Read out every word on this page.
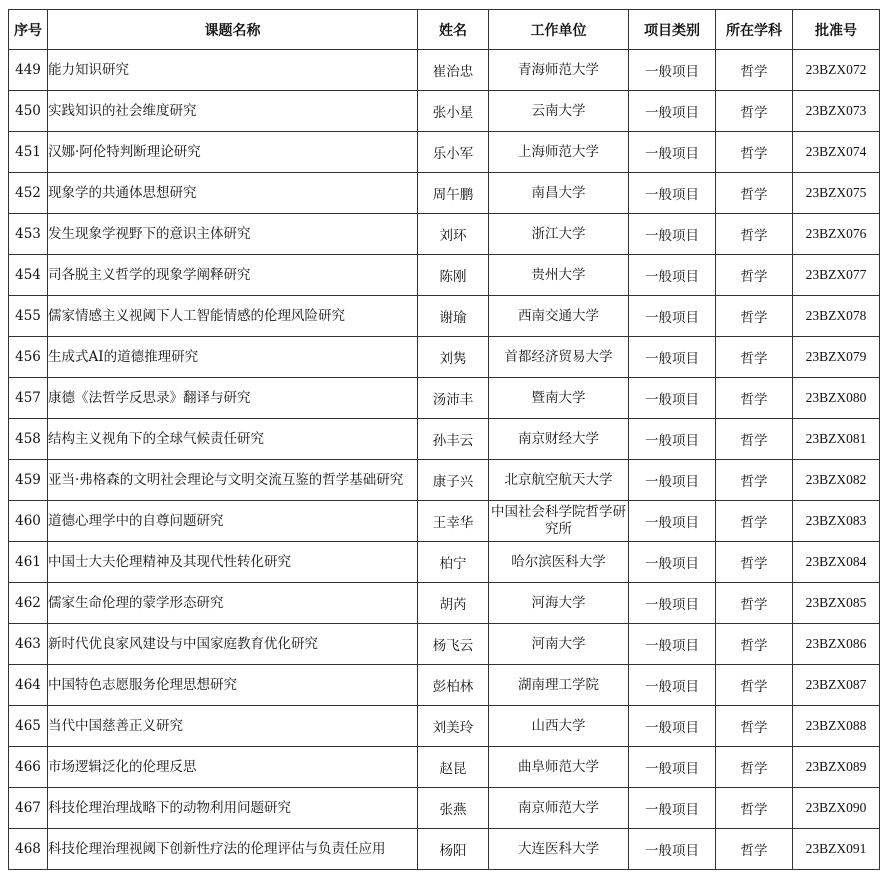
序号	课题名称	姓名	工作单位	项目类别	所在学科	批准号
449	能力知识研究	崔治忠	青海师范大学	一般项目	哲学	23BZX072
450	实践知识的社会维度研究	张小星	云南大学	一般项目	哲学	23BZX073
451	汉娜·阿伦特判断理论研究	乐小军	上海师范大学	一般项目	哲学	23BZX074
452	现象学的共通体思想研究	周午鹏	南昌大学	一般项目	哲学	23BZX075
453	发生现象学视野下的意识主体研究	刘环	浙江大学	一般项目	哲学	23BZX076
454	司各脱主义哲学的现象学阐释研究	陈刚	贵州大学	一般项目	哲学	23BZX077
455	儒家情感主义视阈下人工智能情感的伦理风险研究	谢瑜	西南交通大学	一般项目	哲学	23BZX078
456	生成式AI的道德推理研究	刘隽	首都经济贸易大学	一般项目	哲学	23BZX079
457	康德《法哲学反思录》翻译与研究	汤沛丰	暨南大学	一般项目	哲学	23BZX080
458	结构主义视角下的全球气候责任研究	孙丰云	南京财经大学	一般项目	哲学	23BZX081
459	亚当·弗格森的文明社会理论与文明交流互鉴的哲学基础研究	康子兴	北京航空航天大学	一般项目	哲学	23BZX082
460	道德心理学中的自尊问题研究	王幸华	中国社会科学院哲学研究所	一般项目	哲学	23BZX083
461	中国士大夫伦理精神及其现代性转化研究	柏宁	哈尔滨医科大学	一般项目	哲学	23BZX084
462	儒家生命伦理的蒙学形态研究	胡芮	河海大学	一般项目	哲学	23BZX085
463	新时代优良家风建设与中国家庭教育优化研究	杨飞云	河南大学	一般项目	哲学	23BZX086
464	中国特色志愿服务伦理思想研究	彭柏林	湖南理工学院	一般项目	哲学	23BZX087
465	当代中国慈善正义研究	刘美玲	山西大学	一般项目	哲学	23BZX088
466	市场逻辑泛化的伦理反思	赵昆	曲阜师范大学	一般项目	哲学	23BZX089
467	科技伦理治理战略下的动物利用问题研究	张燕	南京师范大学	一般项目	哲学	23BZX090
468	科技伦理治理视阈下创新性疗法的伦理评估与负责任应用	杨阳	大连医科大学	一般项目	哲学	23BZX091
